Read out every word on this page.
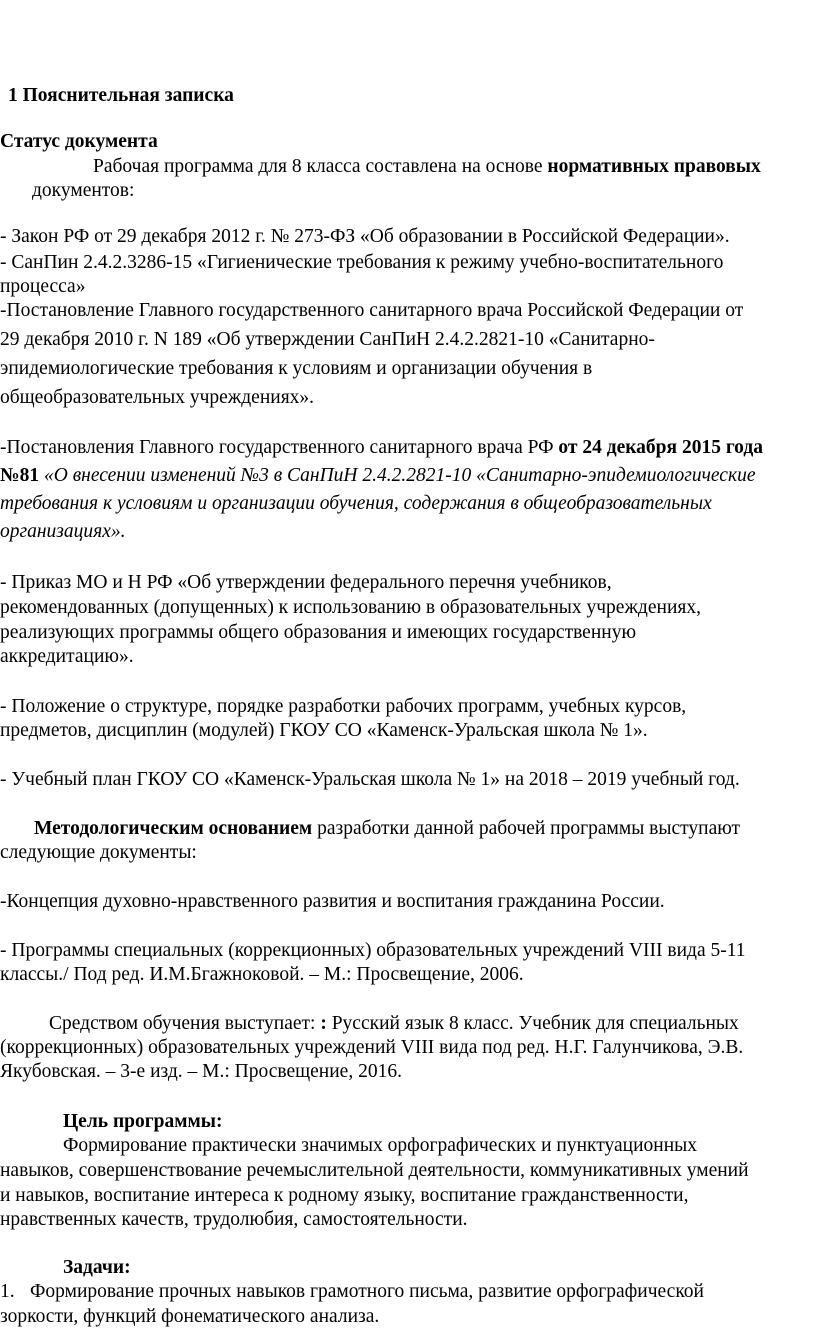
1 Пояснительная записка
Статус документа
Рабочая программа для 8 класса составлена на основе нормативных правовых
документов:
- Закон РФ от 29 декабря 2012 г. № 273-ФЗ «Об образовании в Российской Федерации».
- СанПин 2.4.2.3286-15 «Гигиенические требования к режиму учебно-воспитательного
процесса»
-Постановление Главного государственного санитарного врача Российской Федерации от
29 декабря 2010 г. N 189 «Об утверждении СанПиН 2.4.2.2821-10 «Санитарно-
эпидемиологические требования к условиям и организации обучения в
общеобразовательных учреждениях».
-Постановления Главного государственного санитарного врача РФ от 24 декабря 2015 года
№81 «О внесении изменений №3 в СанПиН 2.4.2.2821-10 «Санитарно-эпидемиологические
требования к условиям и организации обучения, содержания в общеобразовательных
организациях».
- Приказ МО и Н РФ «Об утверждении федерального перечня учебников,
рекомендованных (допущенных) к использованию в образовательных учреждениях,
реализующих программы общего образования и имеющих государственную
аккредитацию».
- Положение о структуре, порядке разработки рабочих программ, учебных курсов,
предметов, дисциплин (модулей) ГКОУ СО «Каменск-Уральская школа № 1».
- Учебный план ГКОУ СО «Каменск-Уральская школа № 1» на 2018 – 2019 учебный год.
Методологическим основанием разработки данной рабочей программы выступают
следующие документы:
-Концепция духовно-нравственного развития и воспитания гражданина России.
- Программы специальных (коррекционных) образовательных учреждений VIII вида 5-11
классы./ Под ред. И.М.Бгажноковой. – М.: Просвещение, 2006.
Средством обучения выступает: : Русский язык 8 класс. Учебник для специальных
(коррекционных) образовательных учреждений VIII вида под ред. Н.Г. Галунчикова, Э.В.
Якубовская. – 3-е изд. – М.: Просвещение, 2016.
Цель программы:
Формирование практически значимых орфографических и пунктуационных
навыков, совершенствование речемыслительной деятельности, коммуникативных умений
и навыков, воспитание интереса к родному языку, воспитание гражданственности,
нравственных качеств, трудолюбия, самостоятельности.
Задачи:
1. Формирование прочных навыков грамотного письма, развитие орфографической
зоркости, функций фонематического анализа.
